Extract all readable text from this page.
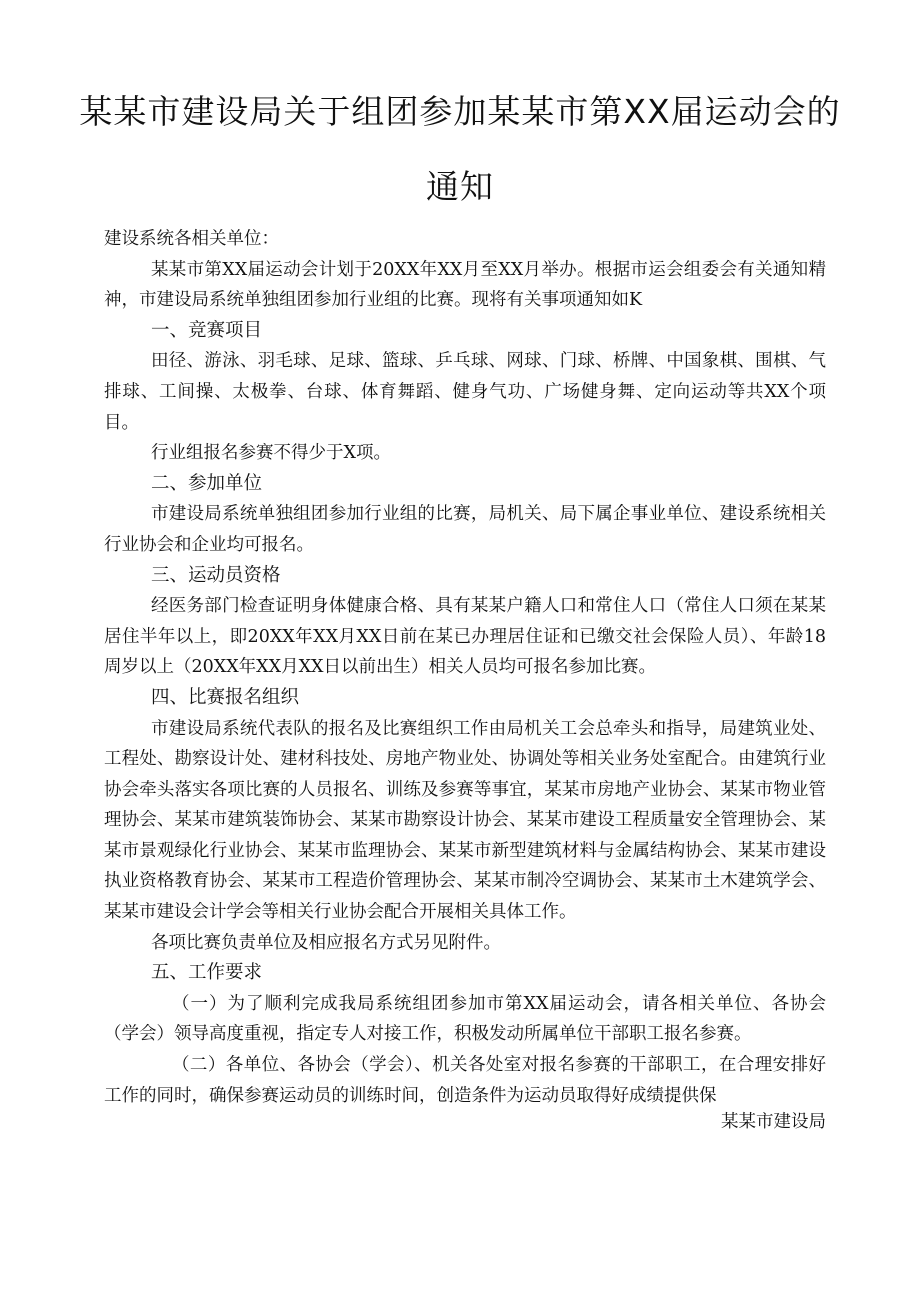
某某市建设局关于组团参加某某市第XX届运动会的
通知

建设系统各相关单位：

某某市第XX届运动会计划于20XX年XX月至XX月举办。根据市运会组委会有关通知精神，市建设局系统单独组团参加行业组的比赛。现将有关事项通知如K

一、竞赛项目

田径、游泳、羽毛球、足球、篮球、乒乓球、网球、门球、桥牌、中国象棋、围棋、气排球、工间操、太极拳、台球、体育舞蹈、健身气功、广场健身舞、定向运动等共XX个项目。

行业组报名参赛不得少于X项。

二、参加单位

市建设局系统单独组团参加行业组的比赛，局机关、局下属企事业单位、建设系统相关行业协会和企业均可报名。

三、运动员资格

经医务部门检查证明身体健康合格、具有某某户籍人口和常住人口（常住人口须在某某居住半年以上，即20XX年XX月XX日前在某已办理居住证和已缴交社会保险人员）、年龄18周岁以上（20XX年XX月XX日以前出生）相关人员均可报名参加比赛。

四、比赛报名组织

市建设局系统代表队的报名及比赛组织工作由局机关工会总牵头和指导，局建筑业处、工程处、勘察设计处、建材科技处、房地产物业处、协调处等相关业务处室配合。由建筑行业协会牵头落实各项比赛的人员报名、训练及参赛等事宜，某某市房地产业协会、某某市物业管理协会、某某市建筑装饰协会、某某市勘察设计协会、某某市建设工程质量安全管理协会、某某市景观绿化行业协会、某某市监理协会、某某市新型建筑材料与金属结构协会、某某市建设执业资格教育协会、某某市工程造价管理协会、某某市制冷空调协会、某某市土木建筑学会、某某市建设会计学会等相关行业协会配合开展相关具体工作。

各项比赛负责单位及相应报名方式另见附件。

五、工作要求

（一）为了顺利完成我局系统组团参加市第XX届运动会，请各相关单位、各协会（学会）领导高度重视，指定专人对接工作，积极发动所属单位干部职工报名参赛。

（二）各单位、各协会（学会）、机关各处室对报名参赛的干部职工，在合理安排好工作的同时，确保参赛运动员的训练时间，创造条件为运动员取得好成绩提供保

某某市建设局
